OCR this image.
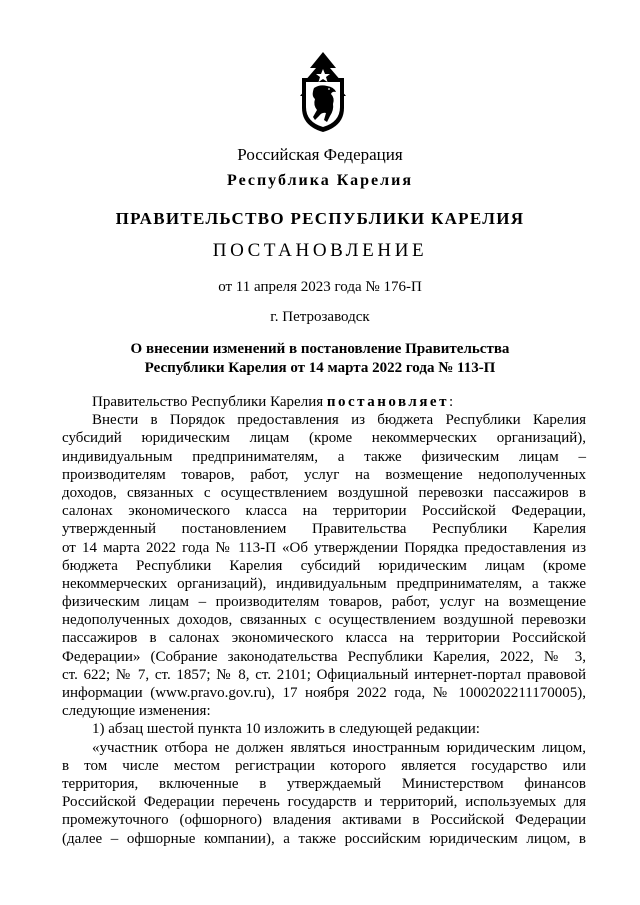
Российская Федерация
Республика Карелия
ПРАВИТЕЛЬСТВО РЕСПУБЛИКИ КАРЕЛИЯ
ПОСТАНОВЛЕНИЕ
от 11 апреля 2023 года № 176-П
г. Петрозаводск
О внесении изменений в постановление Правительства
Республики Карелия от 14 марта 2022 года № 113-П
Правительство Республики Карелия постановляет:
Внести в Порядок предоставления из бюджета Республики Карелия
субсидий юридическим лицам (кроме некоммерческих организаций),
индивидуальным предпринимателям, а также физическим лицам –
производителям товаров, работ, услуг на возмещение недополученных
доходов, связанных с осуществлением воздушной перевозки пассажиров в
салонах экономического класса на территории Российской Федерации,
утвержденный постановлением Правительства Республики Карелия
от 14 марта 2022 года № 113-П «Об утверждении Порядка предоставления из
бюджета Республики Карелия субсидий юридическим лицам (кроме
некоммерческих организаций), индивидуальным предпринимателям, а также
физическим лицам – производителям товаров, работ, услуг на возмещение
недополученных доходов, связанных с осуществлением воздушной перевозки
пассажиров в салонах экономического класса на территории Российской
Федерации» (Собрание законодательства Республики Карелия, 2022, № 3,
ст. 622; № 7, ст. 1857; № 8, ст. 2101; Официальный интернет-портал правовой
информации (www.pravo.gov.ru), 17 ноября 2022 года, № 1000202211170005),
следующие изменения:
1) абзац шестой пункта 10 изложить в следующей редакции:
«участник отбора не должен являться иностранным юридическим лицом,
в том числе местом регистрации которого является государство или
территория, включенные в утверждаемый Министерством финансов
Российской Федерации перечень государств и территорий, используемых для
промежуточного (офшорного) владения активами в Российской Федерации
(далее – офшорные компании), а также российским юридическим лицом, в
